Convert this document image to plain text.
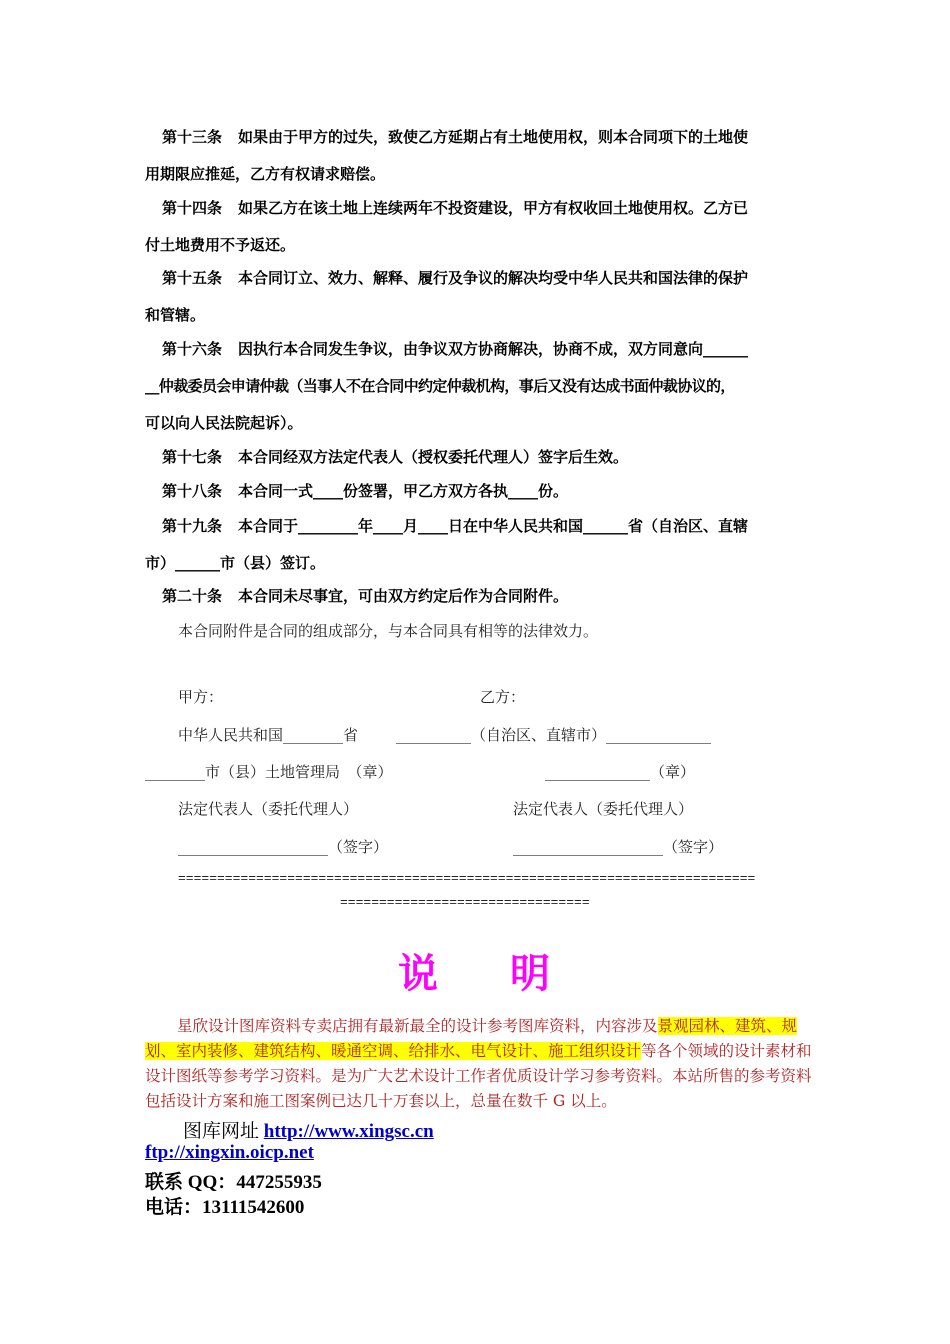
第十三条 如果由于甲方的过失，致使乙方延期占有土地使用权，则本合同项下的土地使
用期限应推延，乙方有权请求赔偿。
第十四条 如果乙方在该土地上连续两年不投资建设，甲方有权收回土地使用权。乙方已
付土地费用不予返还。
第十五条 本合同订立、效力、解释、履行及争议的解决均受中华人民共和国法律的保护
和管辖。
第十六条 因执行本合同发生争议，由争议双方协商解决，协商不成，双方同意向______
__仲裁委员会申请仲裁（当事人不在合同中约定仲裁机构，事后又没有达成书面仲裁协议的，
可以向人民法院起诉）。
第十七条 本合同经双方法定代表人（授权委托代理人）签字后生效。
第十八条 本合同一式____份签署，甲乙方双方各执____份。
第十九条 本合同于________年____月____日在中华人民共和国______省（自治区、直辖
市）______市（县）签订。
第二十条 本合同未尽事宜，可由双方约定后作为合同附件。
本合同附件是合同的组成部分，与本合同具有相等的法律效力。
甲方：	乙方：
中华人民共和国________省	__________（自治区、直辖市）______________
________市（县）土地管理局　（章）	______________（章）
法定代表人（委托代理人）	法定代表人（委托代理人）
____________________（签字）	____________________（签字）
==========================================================================
================================
说 明
星欣设计图库资料专卖店拥有最新最全的设计参考图库资料，内容涉及景观园林、建筑、规划、室内装修、建筑结构、暖通空调、给排水、电气设计、施工组织设计等各个领域的设计素材和设计图纸等参考学习资料。是为广大艺术设计工作者优质设计学习参考资料。本站所售的参考资料包括设计方案和施工图案例已达几十万套以上，总量在数千 G 以上。
图库网址 http://www.xingsc.cn
ftp://xingxin.oicp.net
联系 QQ：447255935
电话：13111542600
